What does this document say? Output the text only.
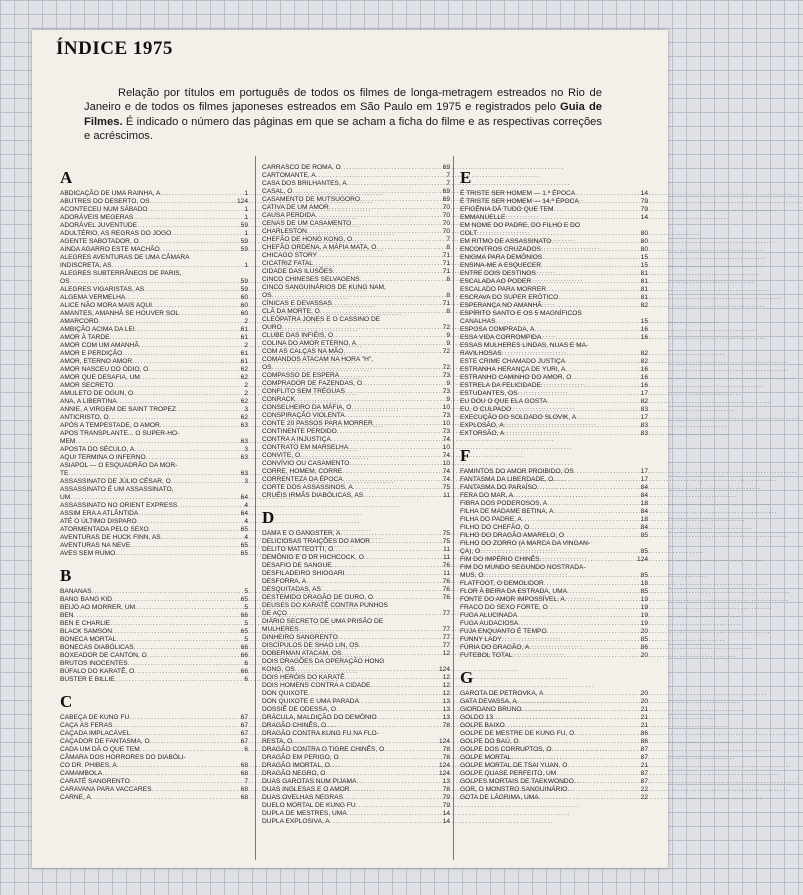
ÍNDICE 1975

Relação por títulos em português de todos os filmes de longa-metragem estreados no Rio de Janeiro e de todos os filmes japoneses estreados em São Paulo em 1975 e registrados pelo Guia de Filmes. É indicado o número das páginas em que se acham a ficha do filme e as respectivas correções e acréscimos.

A
ABDICAÇÃO DE UMA RAINHA, A .....	1
ABUTRES DO DESERTO, OS .....	124
ACONTECEU NUM SÁBADO .....	1
ADORÁVEIS MEGERAS .....	1
ADORÁVEL JUVENTUDE .....	59
ADULTÉRIO, AS REGRAS DO JOGO .....	1
AGENTE SABOTADOR, O .....	59
AINDA AGARRO ESTE MACHÃO .....	59
ALEGRES AVENTURAS DE UMA CÂMARA
INDISCRETA, AS .....	1
ALEGRES SUBTERRÂNEOS DE PARIS,
OS .....	59
ALEGRES VIGARISTAS, AS .....	59
ALGEMA VERMELHA .....	60
ALICE NÃO MORA MAIS AQUI .....	60
AMANTES, AMANHÃ SE HOUVER SOL .....	60
AMARCORD .....	2
AMBIÇÃO ACIMA DA LEI .....	61
AMOR À TARDE .....	61
AMOR COM UM AMANHÃ .....	2
AMOR E PERDIÇÃO .....	61
AMOR, ETERNO AMOR .....	61
AMOR NASCEU DO ÓDIO, O .....	62
AMOR QUE DESAFIA, UM .....	62
AMOR SECRETO .....	2
AMULETO DE OGUN, O .....	2
ANA, A LIBERTINA .....	62
ANNIE, A VIRGEM DE SAINT TROPEZ .....	3
ANTICRISTO, O .....	62
APÓS A TEMPESTADE, O AMOR .....	63
APOS TRANSPLANTE... O SUPER-HO-
MEM .....	63
APOSTA DO SÉCULO, A .....	3
AQUI TERMINA O INFERNO .....	63
ASIAPOL — O ESQUADRÃO DA MOR-
TE .....	63
ASSASSINATO DE JÚLIO CÉSAR, O .....	3
ASSASSINATO É UM ASSASSINATO,
UM .....	64
ASSASSINATO NO ORIENT EXPRESS .....	4
ASSIM ERA A ATLÂNTIDA .....	64
ATÉ O ÚLTIMO DISPARO .....	4
ATORMENTADA PELO SEXO .....	65
AVENTURAS DE HUCK FINN, AS .....	4
AVENTURAS NA NEVE .....	65
AVES SEM RUMO .....	65
B
BANANAS .....	5
BANG BANG KID .....	65
BEIJO AO MORRER, UM .....	5
BEN .....	66
BEN E CHARLIE .....	5
BLACK SAMSON .....	65
BONECA MORTAL .....	5
BONECAS DIABÓLICAS .....	66
BOXEADOR DE CANTON, O .....	66
BRUTOS INOCENTES .....	6
BÚFALO DO KARATÊ, O .....	66
BUSTER E BILLIE .....	6
C
CABEÇA DE KUNG FU .....	67
CAÇA ÀS FERAS .....	67
CAÇADA IMPLACÁVEL .....	67
CAÇADOR DE FANTASMA, O .....	67
CADA UM DÁ O QUE TEM .....	6
CÂMARA DOS HORRORES DO DIABÓLI-
CO DR. PHIBES, A .....	68
CAMAMBOLA .....	68
CARATÉ SANGRENTO .....	7
CARAVANA PARA VACCARES .....	68
CARNE, A .....	68
CARRASCO DE ROMA, O .....	69
CARTOMANTE, A .....	7
CASA DOS BRILHANTES, A .....	7
CASAL, O .....	69
CASAMENTO DE MUTSUGORO .....	69
CATIVA DE UM AMOR .....	70
CAUSA PERDIDA .....	70
CENAS DE UM CASAMENTO .....	70
CHARLESTON .....	70
CHEFÃO DE HONG KONG, O .....	7
CHEFÃO ORDENA, A MÁFIA MATA, O .....	8
CHICAGO STORY .....	71
CICATRIZ FATAL .....	71
CIDADE DAS ILUSÕES .....	71
CINCO CHINESES SELVAGENS .....	8
CINCO SANGUINÁRIOS DE KUNG NAM,
OS .....	8
CÍNICAS E DEVASSAS .....	71
CLÃ DA MORTE, O .....	8
CLEÓPATRA JONES E O CASSINO DE
OURO .....	72
CLUBE DAS INFIÉIS, O .....	9
COLINA DO AMOR ETERNO, A .....	9
COM AS CALÇAS NA MÃO .....	72
COMANDOS ATACAM NA HORA "H",
OS .....	72
COMPASSO DE ESPERA .....	73
COMPRADOR DE FAZENDAS, O .....	9
CONFLITO SEM TRÉGUAS .....	73
CONRACK .....	9
CONSELHEIRO DA MÁFIA, O .....	10
CONSPIRAÇÃO VIOLENTA .....	73
CONTE 20 PASSOS PARA MORRER .....	10
CONTINENTE PERDIDO .....	73
CONTRA A INJUSTIÇA .....	74
CONTRATO EM MARSELHA .....	10
CONVITE, O .....	74
CONVÍVIO OU CASAMENTO .....	10
CORRE, HOMEM, CORRE .....	74
CORRENTEZA DA ÉPOCA .....	74
CORTE DOS ASSASSINOS, A .....	75
CRUÉIS IRMÃS DIABÓLICAS, AS .....	11
D
DAMA E O GANGSTER, A .....	75
DELICIOSAS TRAIÇÕES DO AMOR .....	75
DELITO MATTEOTTI, O .....	11
DEMÔNIO E O DR HICHCOCK, O .....	11
DESAFIO DE SANGUE .....	76
DESFILADEIRO SHIOGARI .....	11
DESFORRA, A .....	76
DESQUITADAS, AS .....	76
DESTEMIDO DRAGÃO DE OURO, O .....	76
DEUSES DO KARATÊ CONTRA PUNHOS
DE AÇO .....	77
DIÁRIO SECRETO DE UMA PRISÃO DE
MULHERES .....	77
DINHEIRO SANGRENTO .....	77
DISCÍPULOS DE SHAO LIN, OS .....	77
DOBERMAN ATACAM, OS .....	12
DOIS DRAGÕES DA OPERAÇÃO HONG
KONG, OS .....	124
DOIS HERÓIS DO KARATÊ .....	12
DOIS HOMENS CONTRA A CIDADE .....	12
DON QUIXOTE .....	12
DON QUIXOTE E UMA PARADA .....	13
DOSSIÊ DE ODESSA, O .....	13
DRÁCULA, MALDIÇÃO DO DEMÔNIO .....	13
DRAGÃO CHINÊS, O .....	78
DRAGÃO CONTRA KUNG FU NA FLO-
RESTA, O .....	124
DRAGÃO CONTRA O TIGRE CHINÊS, O .....	78
DRAGÃO EM PERIGO, O .....	78
DRAGÃO IMORTAL, O .....	124
DRAGÃO NEGRO, O .....	124
DUAS GAROTAS NUM PIJAMA .....	13
DUAS INGLESAS E O AMOR .....	78
DUAS OVELHAS NEGRAS .....	79
DUELO MORTAL DE KUNG FU .....	79
DUPLA DE MESTRES, UMA .....	14
DUPLA EXPLOSIVA, A .....	14
E
É TRISTE SER HOMEM — 1.ª ÉPOCA .....	14
É TRISTE SER HOMEM — 14.ª ÉPOCA .....	79
EFIGÊNIA DÁ TUDO QUE TEM .....	79
EMMANUELLE .....	14
EM NOME DO PADRE, DO FILHO E DO
COLT .....	80
EM RITMO DE ASSASSINATO .....	80
ENCONTROS CRUZADOS .....	80
ENIGMA PARA DEMÔNIOS .....	15
ENSINA-ME A ESQUECER .....	15
ENTRE DOIS DESTINOS .....	81
ESCALADA AO PODER .....	81
ESCALADO PARA MORRER .....	81
ESCRAVA DO SUPER ERÓTICO .....	81
ESPERANÇA NO AMANHÃ .....	82
ESPÍRITO SANTO E OS 5 MAGNÍFICOS
CANALHAS .....	15
ESPOSA COMPRADA, A .....	16
ESSA VIDA CORROMPIDA .....	16
ESSAS MULHERES LINDAS, NUAS E MA-
RAVILHOSAS .....	82
ESTE CRIME CHAMADO JUSTIÇA .....	82
ESTRANHA HERANÇA DE YURI, A .....	16
ESTRANHO CAMINHO DO AMOR, O .....	16
ESTRELA DA FELICIDADE .....	16
ESTUDANTES, OS .....	17
EU DOU O QUE ELA GOSTA .....	82
EU, O CULPADO .....	83
EXECUÇÃO DO SOLDADO SLOVIK, A .....	17
EXPLOSÃO, A .....	83
EXTORSÃO, A .....	83
F
FAMINTOS DO AMOR PROIBIDO, OS .....	17
FANTASMA DA LIBERDADE, O .....	17
FANTASMA DO PARAÍSO .....	84
FERA DO MAR, A .....	84
FIBRA DOS PODEROSOS, A .....	18
FILHA DE MADAME BETINA, A .....	84
FILHA DO PADRE, A .....	18
FILHO DO CHEFÃO, O .....	84
FILHO DO DRAGÃO AMARELO, O .....	85
FILHO DO ZORRO (A MARCA DA VINGAN-
ÇA), O .....	85
FIM DO IMPÉRIO CHINÊS .....	124
FIM DO MUNDO SEGUNDO NOSTRADA-
MUS, O .....	85
FLATFOOT, O DEMOLIDOR .....	18
FLOR À BEIRA DA ESTRADA, UMA .....	85
FONTE DO AMOR IMPOSSÍVEL, A .....	19
FRACO DO SEXO FORTE, O .....	19
FUGA ALUCINADA .....	19
FUGA AUDACIOSA .....	19
FUJA ENQUANTO É TEMPO .....	20
FUNNY LADY .....	85
FÚRIA DO DRAGÃO, A .....	86
FUTEBOL TOTAL .....	20
G
GAROTA DE PETROVKA, A .....	20
GATA DEVASSA, A .....	20
GIORDANO BRUNO .....	21
GOLDO 13 .....	21
GOLPE BAIXO .....	21
GOLPE DE MESTRE DE KUNG FU, O .....	86
GOLPE DO BAÚ, O .....	86
GOLPE DOS CORRUPTOS, O .....	87
GOLPE MORTAL .....	87
GOLPE MORTAL DE TSAI YUAN, O .....	21
GOLPE QUASE PERFEITO, UM .....	87
GOLPES MORTAIS DE TAEKWONDO .....	87
GOR, O MONSTRO SANGUINÁRIO .....	22
GOTA DE LÁGRIMA, UMA .....	22
